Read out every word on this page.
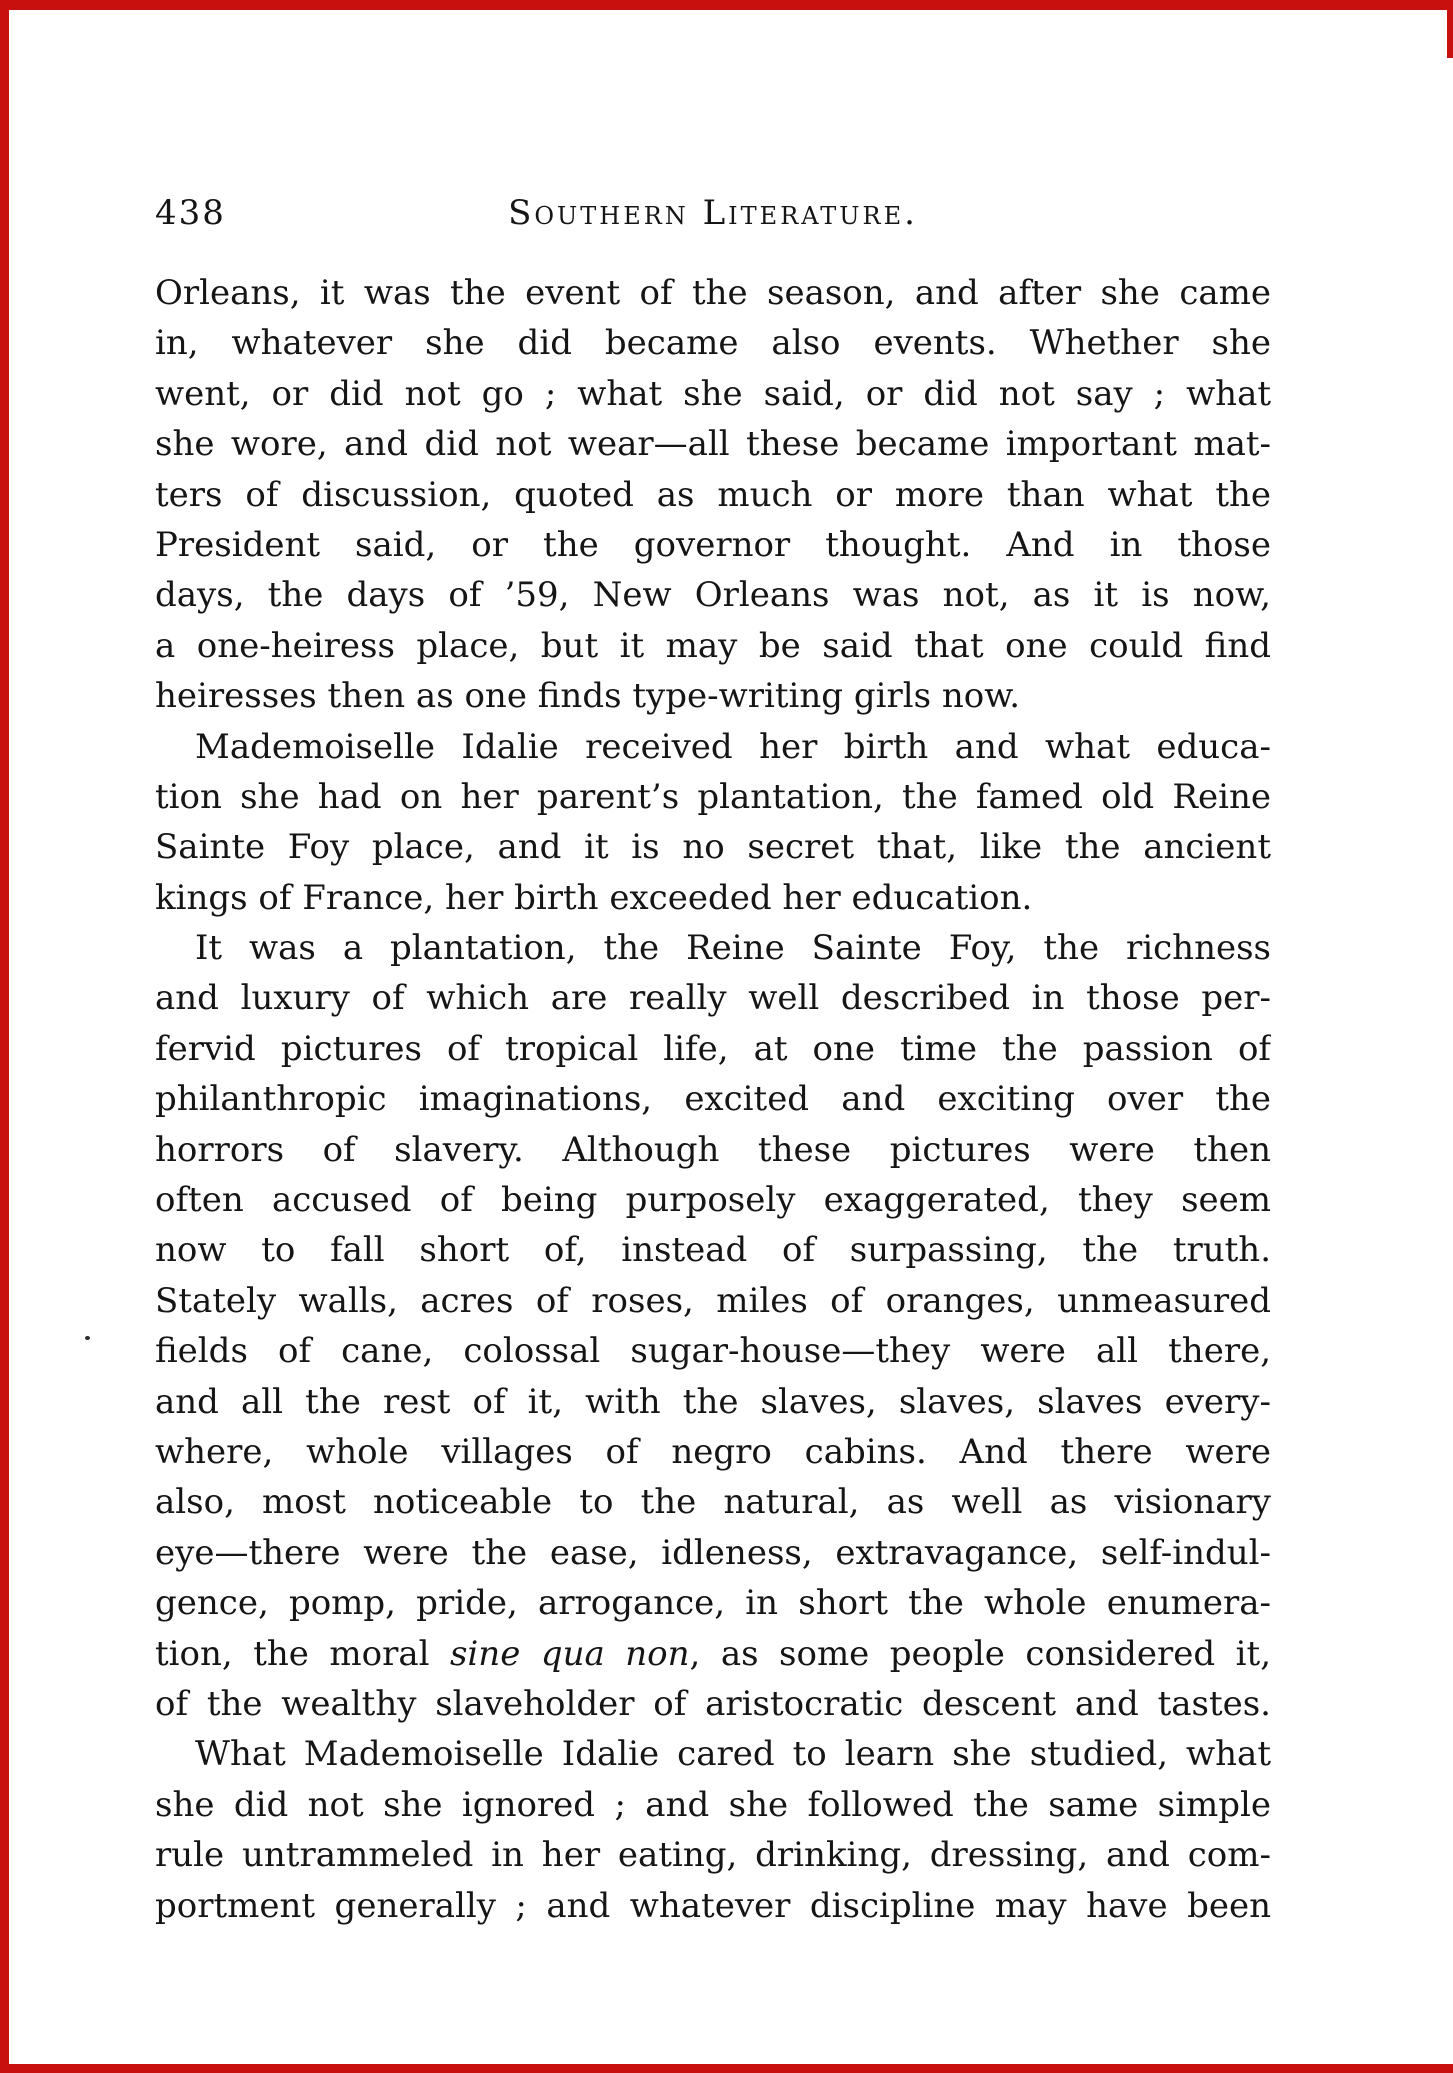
438	Southern Literature.
Orleans, it was the event of the season, and after she came
in, whatever she did became also events. Whether she
went, or did not go ; what she said, or did not say ; what
she wore, and did not wear—all these became important mat-
ters of discussion, quoted as much or more than what the
President said, or the governor thought. And in those
days, the days of ’59, New Orleans was not, as it is now,
a one-heiress place, but it may be said that one could find
heiresses then as one finds type-writing girls now.
Mademoiselle Idalie received her birth and what educa-
tion she had on her parent’s plantation, the famed old Reine
Sainte Foy place, and it is no secret that, like the ancient
kings of France, her birth exceeded her education.
It was a plantation, the Reine Sainte Foy, the richness
and luxury of which are really well described in those per-
fervid pictures of tropical life, at one time the passion of
philanthropic imaginations, excited and exciting over the
horrors of slavery. Although these pictures were then
often accused of being purposely exaggerated, they seem
now to fall short of, instead of surpassing, the truth.
Stately walls, acres of roses, miles of oranges, unmeasured
fields of cane, colossal sugar-house—they were all there,
and all the rest of it, with the slaves, slaves, slaves every-
where, whole villages of negro cabins. And there were
also, most noticeable to the natural, as well as visionary
eye—there were the ease, idleness, extravagance, self-indul-
gence, pomp, pride, arrogance, in short the whole enumera-
tion, the moral sine qua non, as some people considered it,
of the wealthy slaveholder of aristocratic descent and tastes.
What Mademoiselle Idalie cared to learn she studied, what
she did not she ignored ; and she followed the same simple
rule untrammeled in her eating, drinking, dressing, and com-
portment generally ; and whatever discipline may have been
